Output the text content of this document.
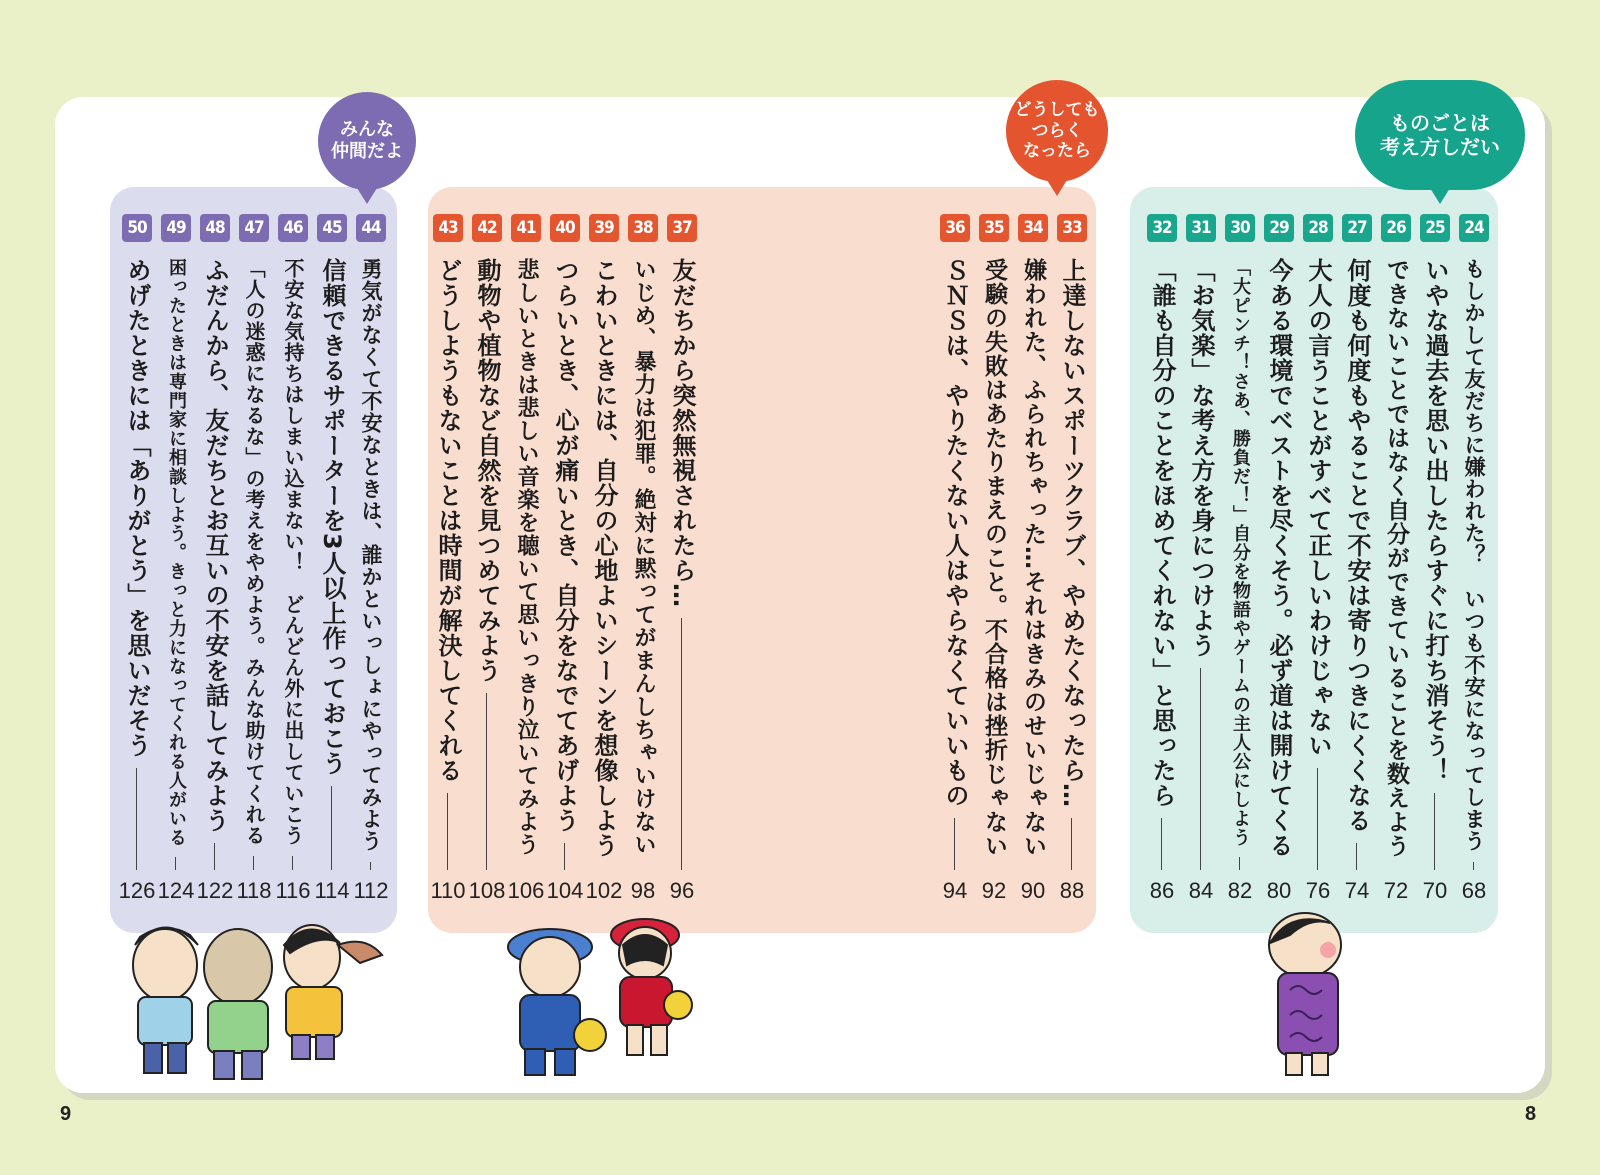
ものごとは
考え方しだい
どうしても
つらく
なったら
みんな
仲間だよ
24
もしかして友だちに嫌われた？　いつも不安になってしまう
68
25
いやな過去を思い出したらすぐに打ち消そう！
70
26
できないことではなく自分ができていることを数えよう
72
27
何度も何度もやることで不安は寄りつきにくくなる
74
28
大人の言うことがすべて正しいわけじゃない
76
29
今ある環境でベストを尽くそう。必ず道は開けてくる
80
30
「大ピンチ！さあ、勝負だ！」自分を物語やゲームの主人公にしよう
82
31
「お気楽」な考え方を身につけよう
84
32
「誰も自分のことをほめてくれない」と思ったら
86
33
上達しないスポーツクラブ、やめたくなったら…
88
34
嫌われた、ふられちゃった…それはきみのせいじゃない
90
35
受験の失敗はあたりまえのこと。不合格は挫折じゃない
92
36
ＳＮＳは、やりたくない人はやらなくていいもの
94
37
友だちから突然無視されたら…
96
38
いじめ、暴力は犯罪。絶対に黙ってがまんしちゃいけない
98
39
こわいときには、自分の心地よいシーンを想像しよう
102
40
つらいとき、心が痛いとき、自分をなでてあげよう
104
41
悲しいときは悲しい音楽を聴いて思いっきり泣いてみよう
106
42
動物や植物など自然を見つめてみよう
108
43
どうしようもないことは時間が解決してくれる
110
44
勇気がなくて不安なときは、誰かといっしょにやってみよう
112
45
信頼できるサポーターを3人以上作っておこう
114
46
不安な気持ちはしまい込まない！　どんどん外に出していこう
116
47
「人の迷惑になるな」の考えをやめよう。みんな助けてくれる
118
48
ふだんから、友だちとお互いの不安を話してみよう
122
49
困ったときは専門家に相談しよう。きっと力になってくれる人がいる
124
50
めげたときには「ありがとう」を思いだそう
126
9	8
